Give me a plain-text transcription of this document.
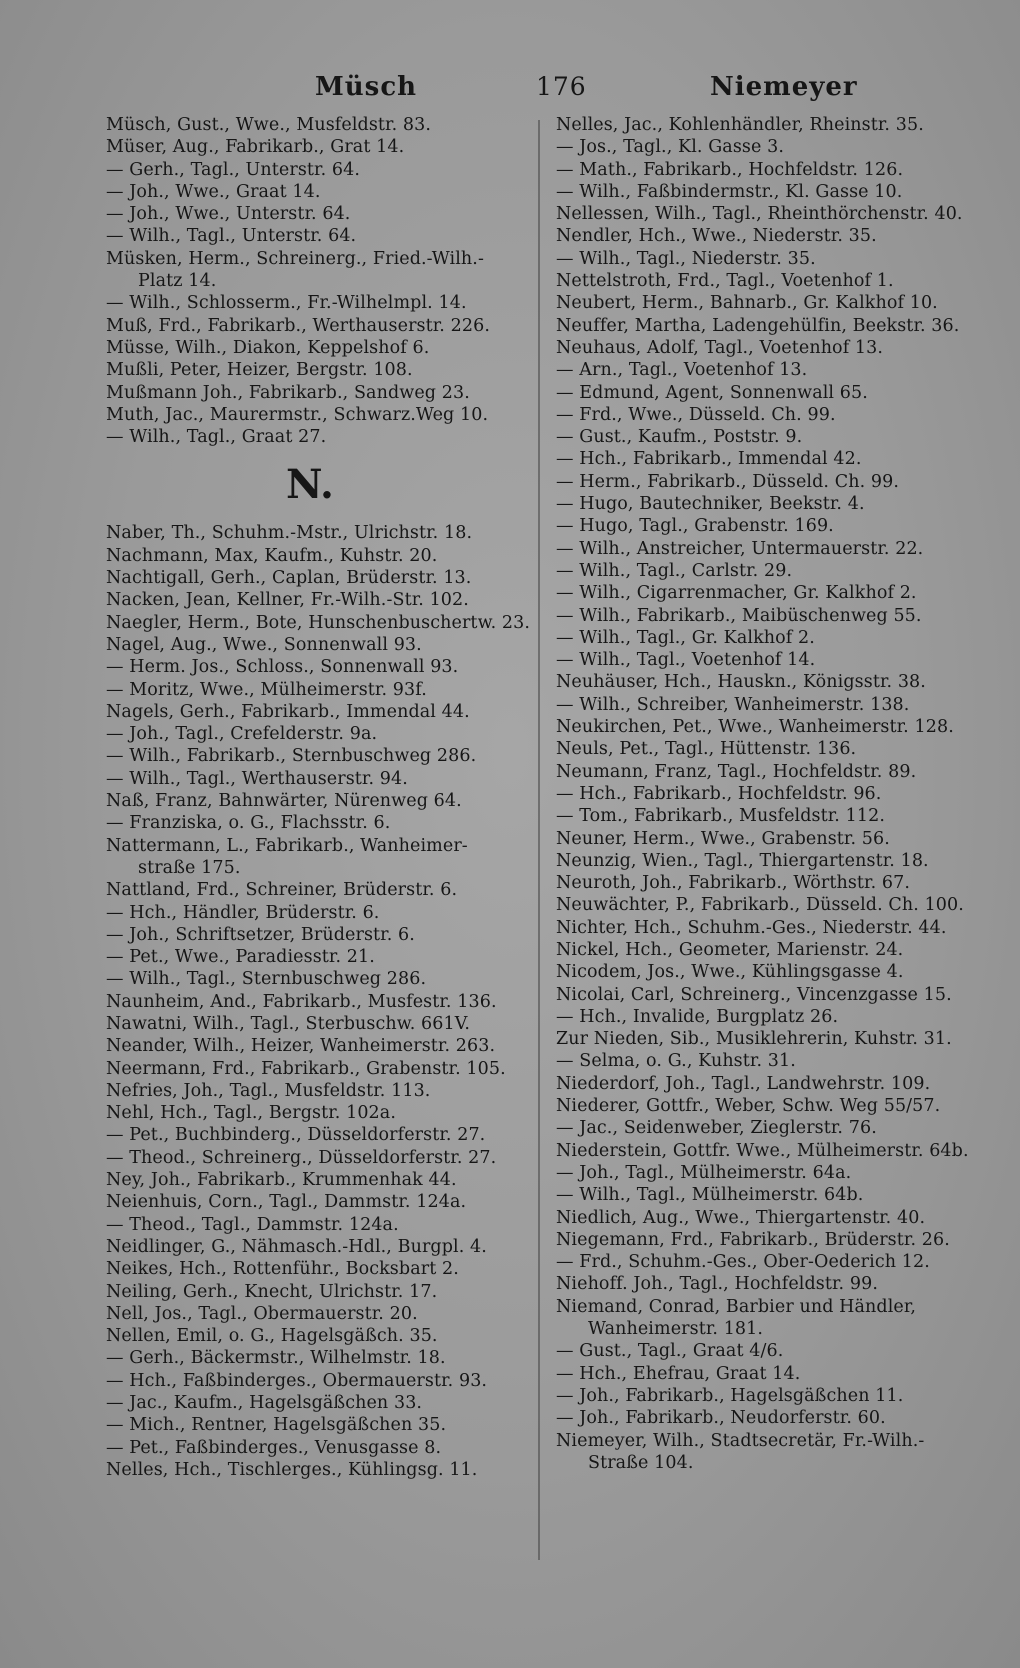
Müsch	176	Niemeyer
Müsch, Gust., Wwe., Musfeldstr. 83.
Müser, Aug., Fabrikarb., Grat 14.
— Gerh., Tagl., Unterstr. 64.
— Joh., Wwe., Graat 14.
— Joh., Wwe., Unterstr. 64.
— Wilh., Tagl., Unterstr. 64.
Müsken, Herm., Schreinerg., Fried.-Wilh.-
Platz 14.
— Wilh., Schlosserm., Fr.-Wilhelmpl. 14.
Muß, Frd., Fabrikarb., Werthauserstr. 226.
Müsse, Wilh., Diakon, Keppelshof 6.
Mußli, Peter, Heizer, Bergstr. 108.
Mußmann Joh., Fabrikarb., Sandweg 23.
Muth, Jac., Maurermstr., Schwarz.Weg 10.
— Wilh., Tagl., Graat 27.
N.
Naber, Th., Schuhm.-Mstr., Ulrichstr. 18.
Nachmann, Max, Kaufm., Kuhstr. 20.
Nachtigall, Gerh., Caplan, Brüderstr. 13.
Nacken, Jean, Kellner, Fr.-Wilh.-Str. 102.
Naegler, Herm., Bote, Hunschenbuschertw. 23.
Nagel, Aug., Wwe., Sonnenwall 93.
— Herm. Jos., Schloss., Sonnenwall 93.
— Moritz, Wwe., Mülheimerstr. 93f.
Nagels, Gerh., Fabrikarb., Immendal 44.
— Joh., Tagl., Crefelderstr. 9a.
— Wilh., Fabrikarb., Sternbuschweg 286.
— Wilh., Tagl., Werthauserstr. 94.
Naß, Franz, Bahnwärter, Nürenweg 64.
— Franziska, o. G., Flachsstr. 6.
Nattermann, L., Fabrikarb., Wanheimer-
straße 175.
Nattland, Frd., Schreiner, Brüderstr. 6.
— Hch., Händler, Brüderstr. 6.
— Joh., Schriftsetzer, Brüderstr. 6.
— Pet., Wwe., Paradiesstr. 21.
— Wilh., Tagl., Sternbuschweg 286.
Naunheim, And., Fabrikarb., Musfestr. 136.
Nawatni, Wilh., Tagl., Sterbuschw. 661V.
Neander, Wilh., Heizer, Wanheimerstr. 263.
Neermann, Frd., Fabrikarb., Grabenstr. 105.
Nefries, Joh., Tagl., Musfeldstr. 113.
Nehl, Hch., Tagl., Bergstr. 102a.
— Pet., Buchbinderg., Düsseldorferstr. 27.
— Theod., Schreinerg., Düsseldorferstr. 27.
Ney, Joh., Fabrikarb., Krummenhak 44.
Neienhuis, Corn., Tagl., Dammstr. 124a.
— Theod., Tagl., Dammstr. 124a.
Neidlinger, G., Nähmasch.-Hdl., Burgpl. 4.
Neikes, Hch., Rottenführ., Bocksbart 2.
Neiling, Gerh., Knecht, Ulrichstr. 17.
Nell, Jos., Tagl., Obermauerstr. 20.
Nellen, Emil, o. G., Hagelsgäßch. 35.
— Gerh., Bäckermstr., Wilhelmstr. 18.
— Hch., Faßbinderges., Obermauerstr. 93.
— Jac., Kaufm., Hagelsgäßchen 33.
— Mich., Rentner, Hagelsgäßchen 35.
— Pet., Faßbinderges., Venusgasse 8.
Nelles, Hch., Tischlerges., Kühlingsg. 11.
Nelles, Jac., Kohlenhändler, Rheinstr. 35.
— Jos., Tagl., Kl. Gasse 3.
— Math., Fabrikarb., Hochfeldstr. 126.
— Wilh., Faßbindermstr., Kl. Gasse 10.
Nellessen, Wilh., Tagl., Rheinthörchenstr. 40.
Nendler, Hch., Wwe., Niederstr. 35.
— Wilh., Tagl., Niederstr. 35.
Nettelstroth, Frd., Tagl., Voetenhof 1.
Neubert, Herm., Bahnarb., Gr. Kalkhof 10.
Neuffer, Martha, Ladengehülfin, Beekstr. 36.
Neuhaus, Adolf, Tagl., Voetenhof 13.
— Arn., Tagl., Voetenhof 13.
— Edmund, Agent, Sonnenwall 65.
— Frd., Wwe., Düsseld. Ch. 99.
— Gust., Kaufm., Poststr. 9.
— Hch., Fabrikarb., Immendal 42.
— Herm., Fabrikarb., Düsseld. Ch. 99.
— Hugo, Bautechniker, Beekstr. 4.
— Hugo, Tagl., Grabenstr. 169.
— Wilh., Anstreicher, Untermauerstr. 22.
— Wilh., Tagl., Carlstr. 29.
— Wilh., Cigarrenmacher, Gr. Kalkhof 2.
— Wilh., Fabrikarb., Maibüschenweg 55.
— Wilh., Tagl., Gr. Kalkhof 2.
— Wilh., Tagl., Voetenhof 14.
Neuhäuser, Hch., Hauskn., Königsstr. 38.
— Wilh., Schreiber, Wanheimerstr. 138.
Neukirchen, Pet., Wwe., Wanheimerstr. 128.
Neuls, Pet., Tagl., Hüttenstr. 136.
Neumann, Franz, Tagl., Hochfeldstr. 89.
— Hch., Fabrikarb., Hochfeldstr. 96.
— Tom., Fabrikarb., Musfeldstr. 112.
Neuner, Herm., Wwe., Grabenstr. 56.
Neunzig, Wien., Tagl., Thiergartenstr. 18.
Neuroth, Joh., Fabrikarb., Wörthstr. 67.
Neuwächter, P., Fabrikarb., Düsseld. Ch. 100.
Nichter, Hch., Schuhm.-Ges., Niederstr. 44.
Nickel, Hch., Geometer, Marienstr. 24.
Nicodem, Jos., Wwe., Kühlingsgasse 4.
Nicolai, Carl, Schreinerg., Vincenzgasse 15.
— Hch., Invalide, Burgplatz 26.
Zur Nieden, Sib., Musiklehrerin, Kuhstr. 31.
— Selma, o. G., Kuhstr. 31.
Niederdorf, Joh., Tagl., Landwehrstr. 109.
Niederer, Gottfr., Weber, Schw. Weg 55/57.
— Jac., Seidenweber, Zieglerstr. 76.
Niederstein, Gottfr. Wwe., Mülheimerstr. 64b.
— Joh., Tagl., Mülheimerstr. 64a.
— Wilh., Tagl., Mülheimerstr. 64b.
Niedlich, Aug., Wwe., Thiergartenstr. 40.
Niegemann, Frd., Fabrikarb., Brüderstr. 26.
— Frd., Schuhm.-Ges., Ober-Oederich 12.
Niehoff. Joh., Tagl., Hochfeldstr. 99.
Niemand, Conrad, Barbier und Händler,
Wanheimerstr. 181.
— Gust., Tagl., Graat 4/6.
— Hch., Ehefrau, Graat 14.
— Joh., Fabrikarb., Hagelsgäßchen 11.
— Joh., Fabrikarb., Neudorferstr. 60.
Niemeyer, Wilh., Stadtsecretär, Fr.-Wilh.-
Straße 104.
